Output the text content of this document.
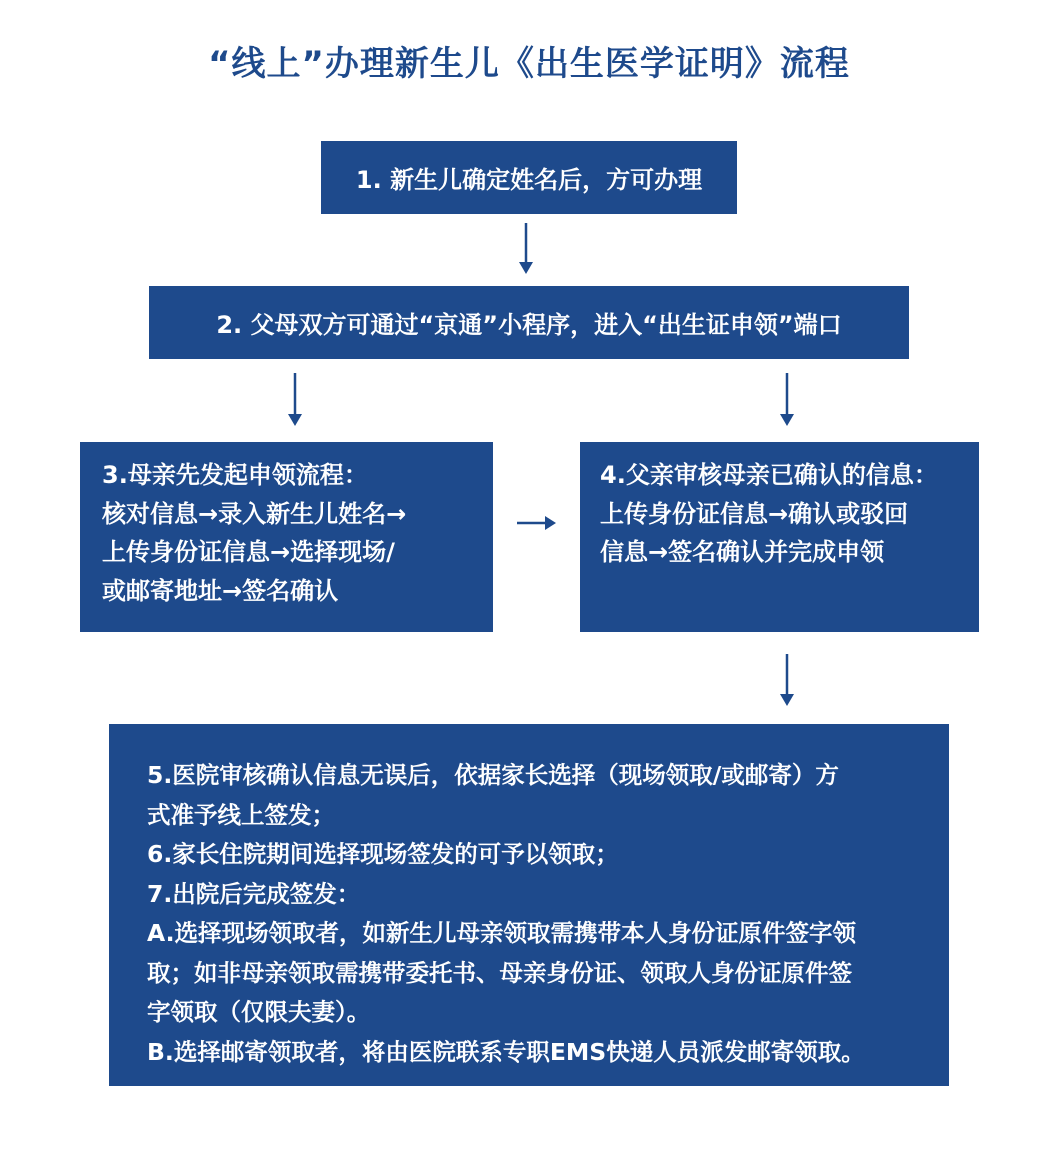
“线上”办理新生儿《出生医学证明》流程
1. 新生儿确定姓名后，方可办理
2. 父母双方可通过“京通”小程序，进入“出生证申领”端口
3.母亲先发起申领流程：
核对信息→录入新生儿姓名→
上传身份证信息→选择现场/
或邮寄地址→签名确认
4.父亲审核母亲已确认的信息：
上传身份证信息→确认或驳回
信息→签名确认并完成申领
5.医院审核确认信息无误后，依据家长选择（现场领取/或邮寄）方
式准予线上签发；
6.家长住院期间选择现场签发的可予以领取；
7.出院后完成签发：
A.选择现场领取者，如新生儿母亲领取需携带本人身份证原件签字领
取；如非母亲领取需携带委托书、母亲身份证、领取人身份证原件签
字领取（仅限夫妻）。
B.选择邮寄领取者，将由医院联系专职EMS快递人员派发邮寄领取。
